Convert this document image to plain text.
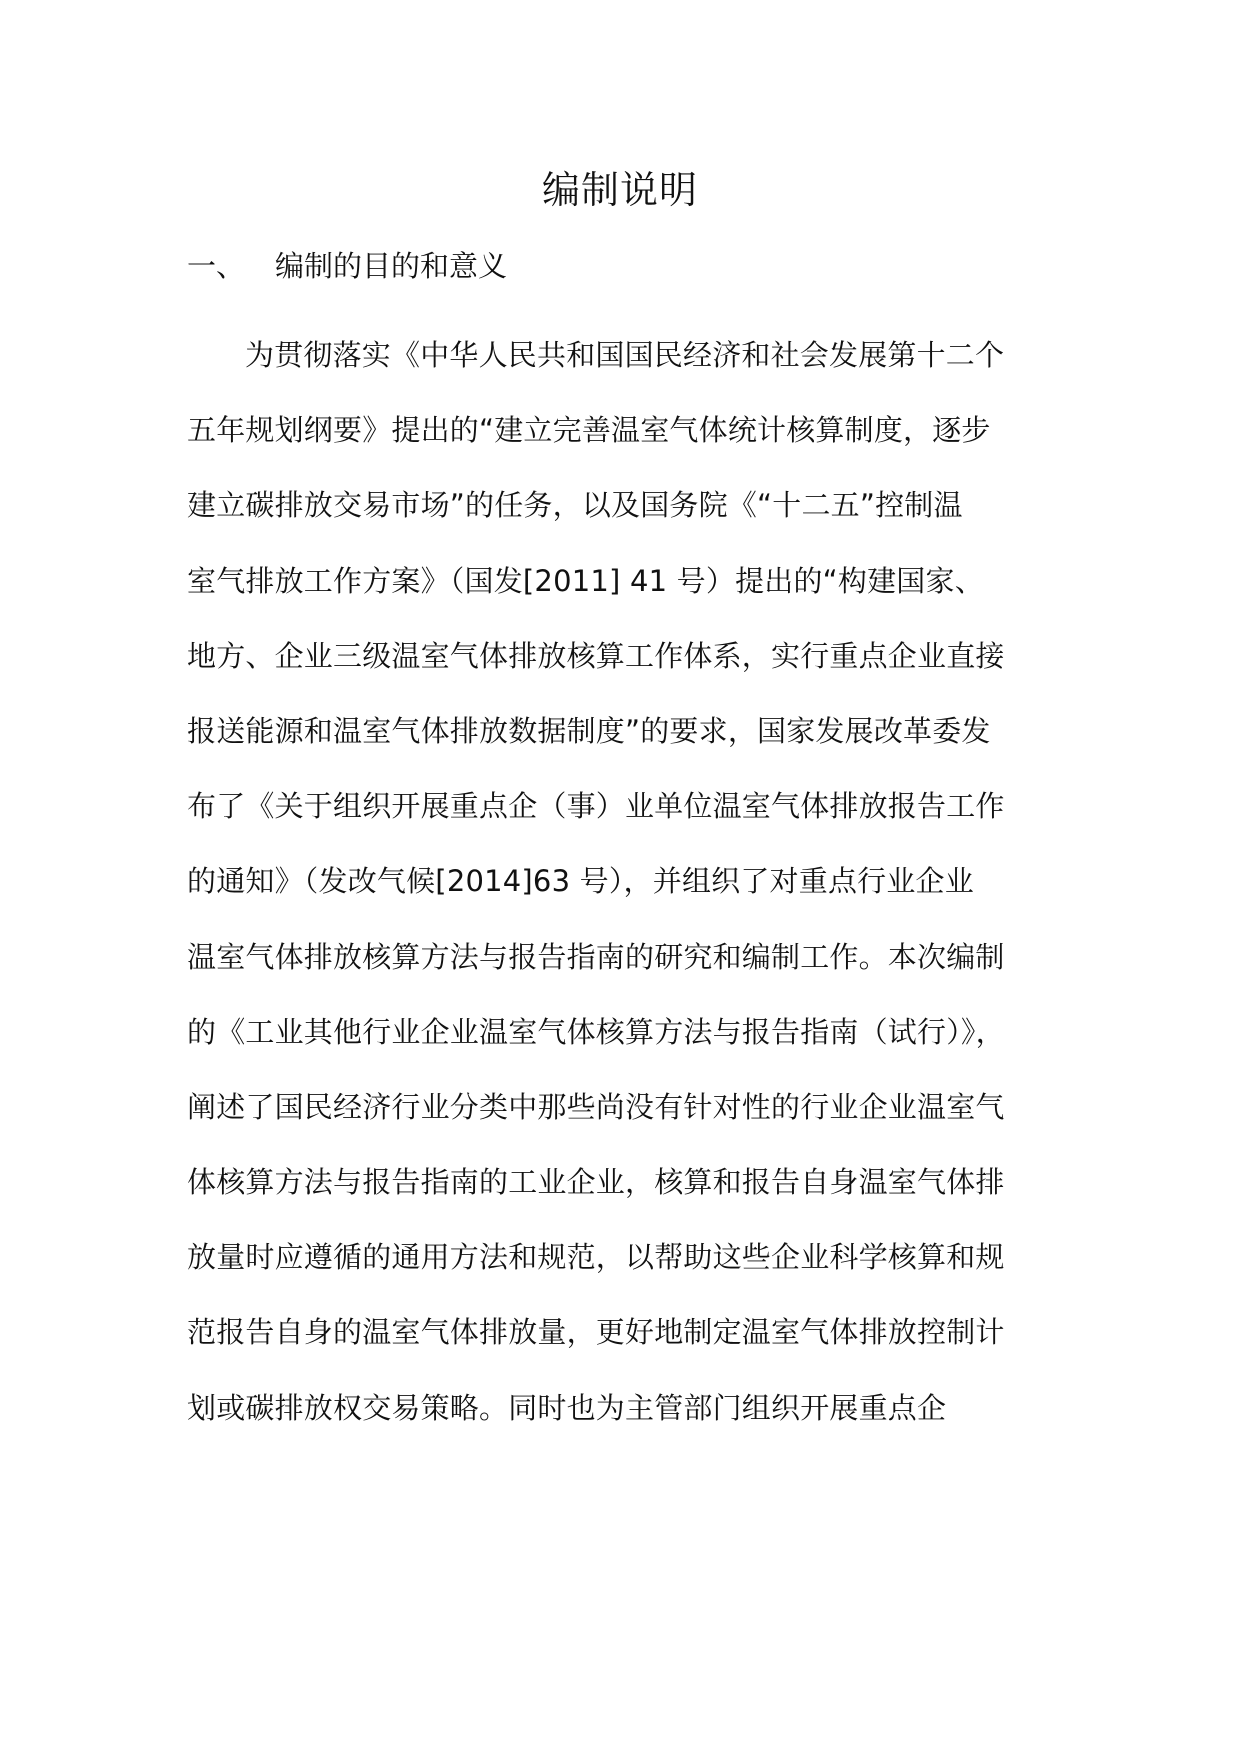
编制说明
一、 编制的目的和意义
为贯彻落实《中华人民共和国国民经济和社会发展第十二个
五年规划纲要》提出的“建立完善温室气体统计核算制度，逐步
建立碳排放交易市场”的任务，以及国务院《“十二五”控制温
室气排放工作方案》（国发[2011] 41 号）提出的“构建国家、
地方、企业三级温室气体排放核算工作体系，实行重点企业直接
报送能源和温室气体排放数据制度”的要求，国家发展改革委发
布了《关于组织开展重点企（事）业单位温室气体排放报告工作
的通知》（发改气候[2014]63 号），并组织了对重点行业企业
温室气体排放核算方法与报告指南的研究和编制工作。本次编制
的《工业其他行业企业温室气体核算方法与报告指南（试行）》，
阐述了国民经济行业分类中那些尚没有针对性的行业企业温室气
体核算方法与报告指南的工业企业，核算和报告自身温室气体排
放量时应遵循的通用方法和规范，以帮助这些企业科学核算和规
范报告自身的温室气体排放量，更好地制定温室气体排放控制计
划或碳排放权交易策略。同时也为主管部门组织开展重点企
